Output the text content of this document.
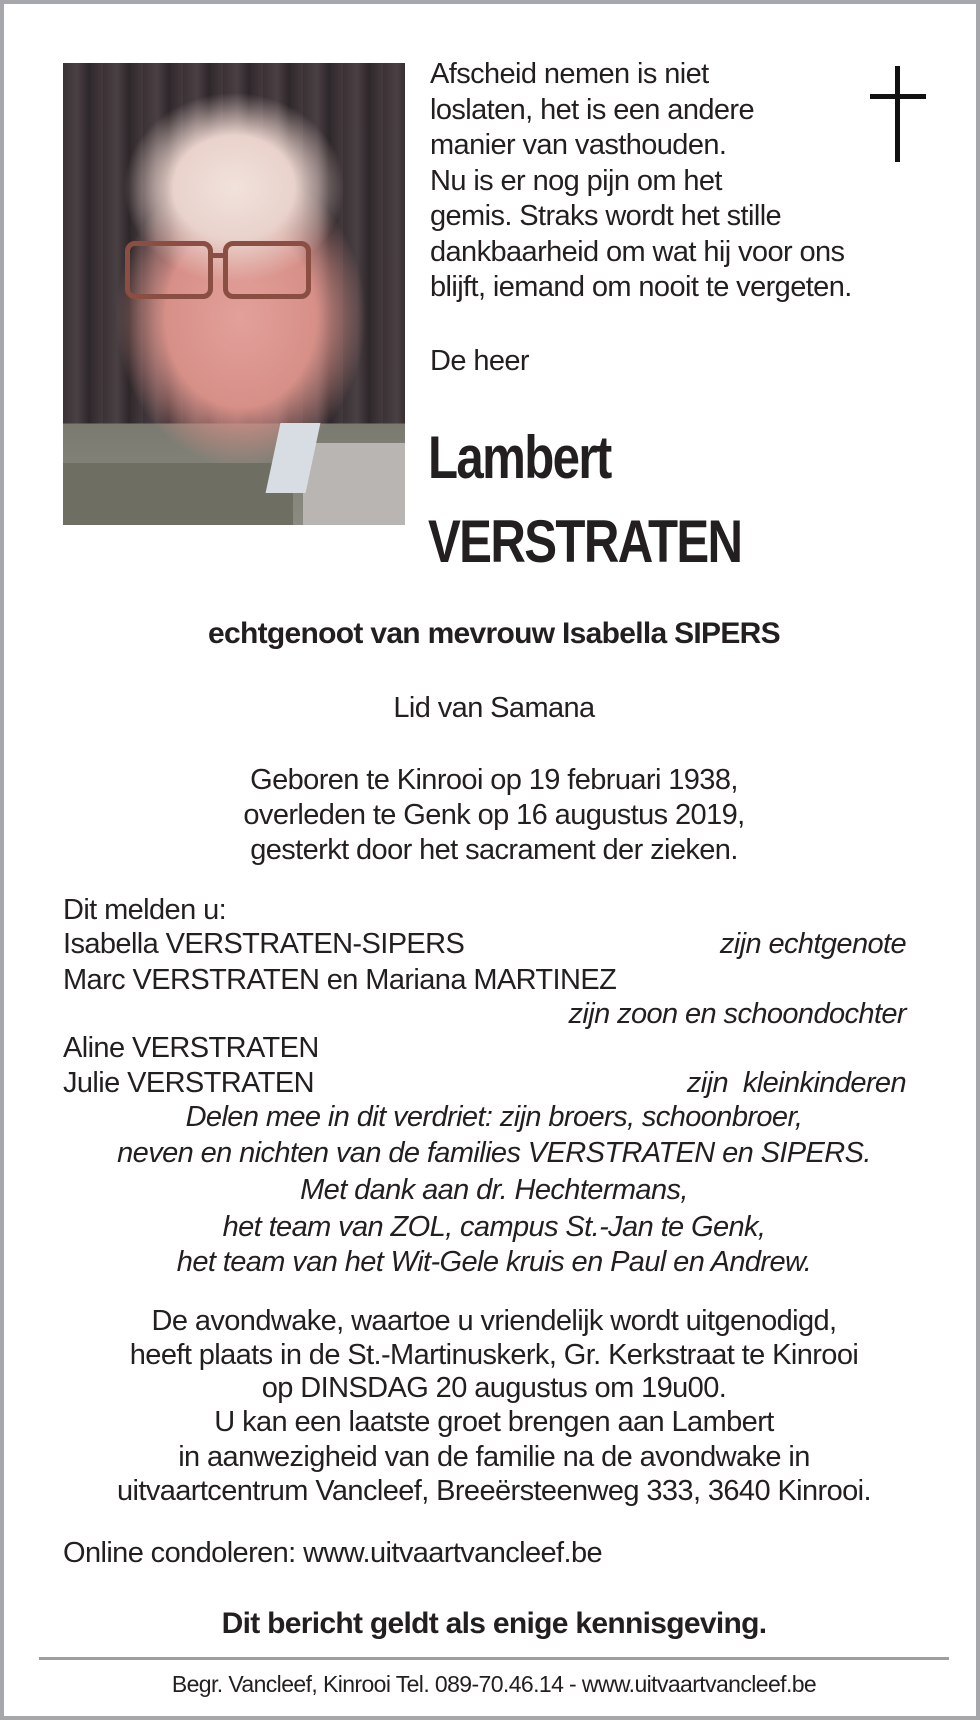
Afscheid nemen is niet
loslaten, het is een andere
manier van vasthouden.
Nu is er nog pijn om het
gemis. Straks wordt het stille
dankbaarheid om wat hij voor ons
blijft, iemand om nooit te vergeten.
De heer
Lambert
VERSTRATEN
echtgenoot van mevrouw Isabella SIPERS
Lid van Samana
Geboren te Kinrooi op 19 februari 1938,
overleden te Genk op 16 augustus 2019,
gesterkt door het sacrament der zieken.
Dit melden u:
Isabella VERSTRATEN-SIPERS	zijn echtgenote
Marc VERSTRATEN en Mariana MARTINEZ
zijn zoon en schoondochter
Aline VERSTRATEN
Julie VERSTRATEN	zijn  kleinkinderen
Delen mee in dit verdriet: zijn broers, schoonbroer,
neven en nichten van de families VERSTRATEN en SIPERS.
Met dank aan dr. Hechtermans,
het team van ZOL, campus St.-Jan te Genk,
het team van het Wit-Gele kruis en Paul en Andrew.
De avondwake, waartoe u vriendelijk wordt uitgenodigd,
heeft plaats in de St.-Martinuskerk, Gr. Kerkstraat te Kinrooi
op DINSDAG 20 augustus om 19u00.
U kan een laatste groet brengen aan Lambert
in aanwezigheid van de familie na de avondwake in
uitvaartcentrum Vancleef, Breeërsteenweg 333, 3640 Kinrooi.
Online condoleren: www.uitvaartvancleef.be
Dit bericht geldt als enige kennisgeving.
Begr. Vancleef, Kinrooi Tel. 089-70.46.14 - www.uitvaartvancleef.be
